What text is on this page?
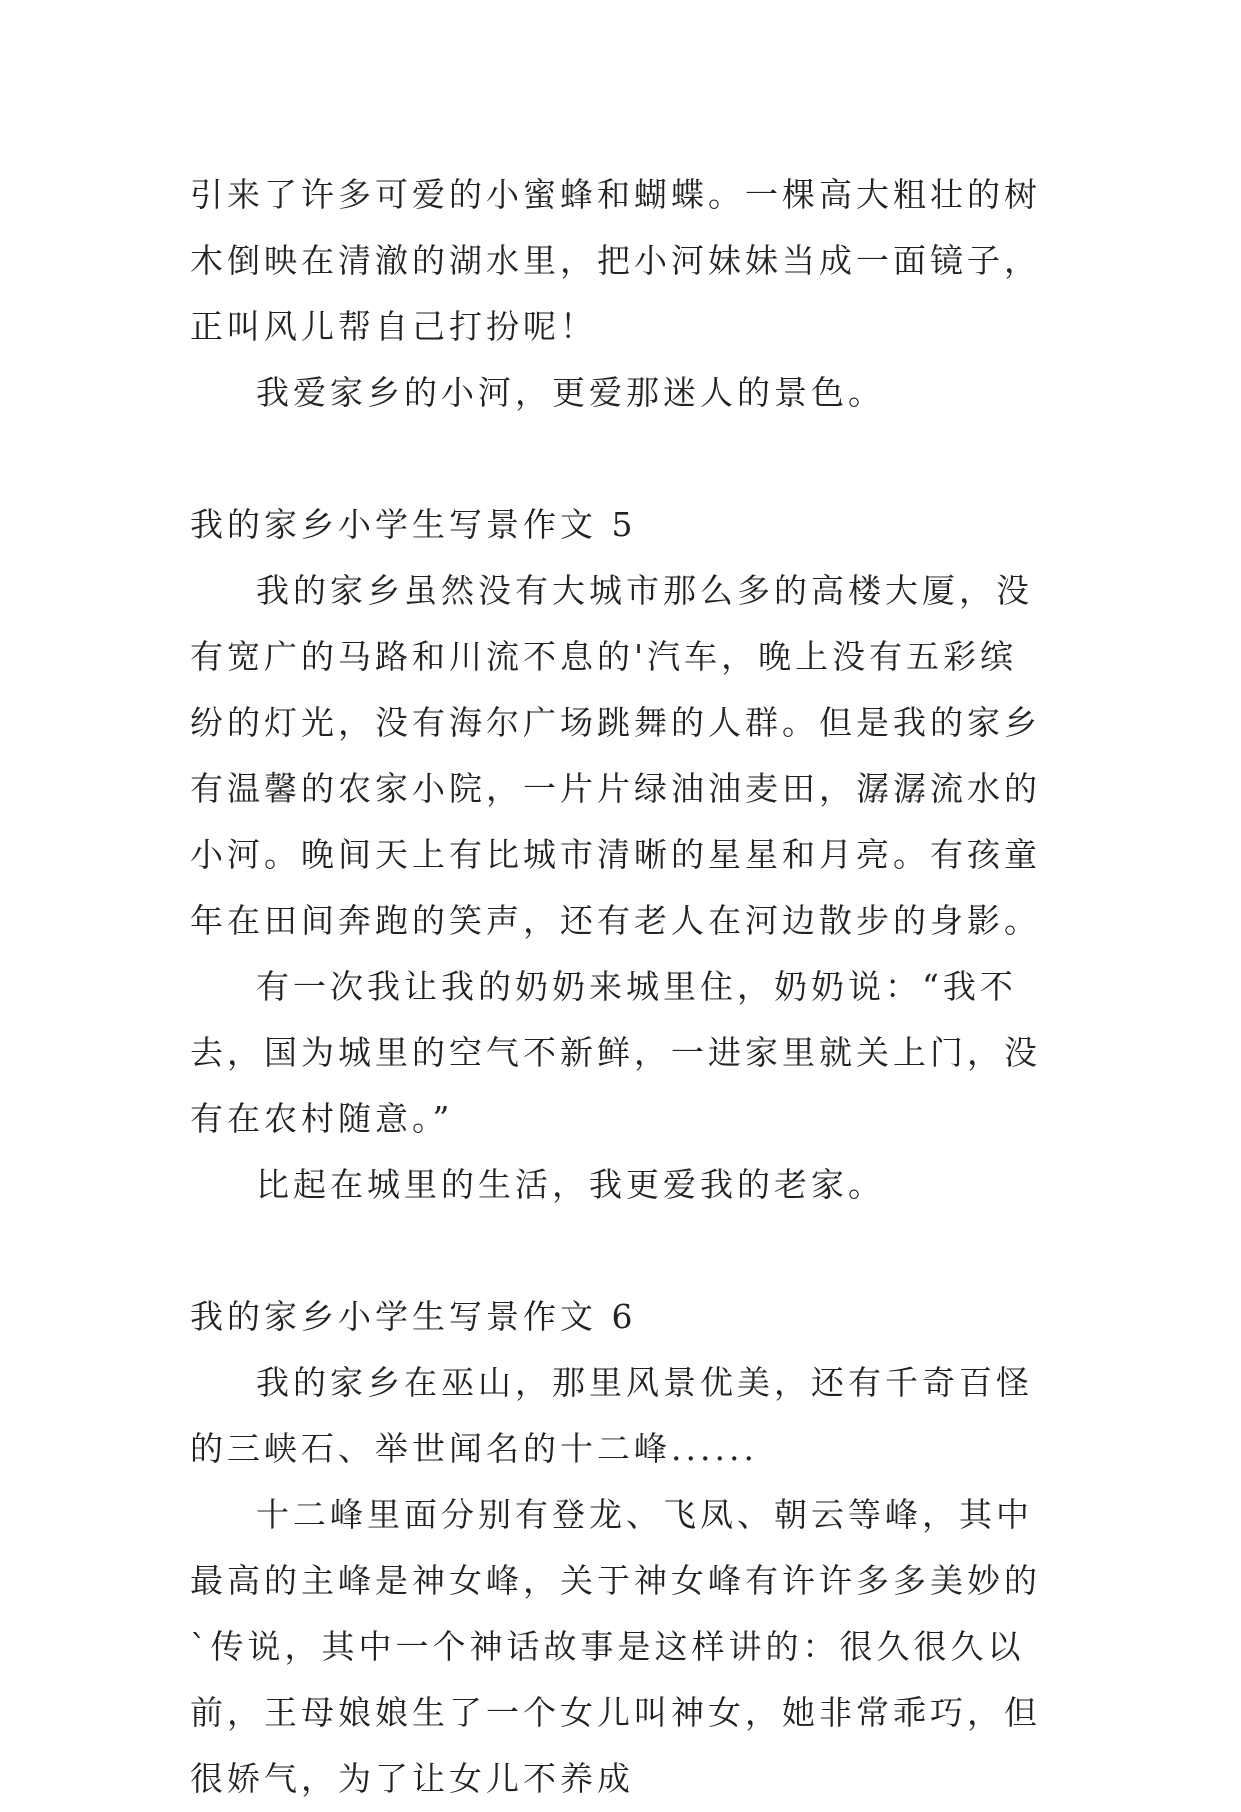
引来了许多可爱的小蜜蜂和蝴蝶。一棵高大粗壮的树木倒映在清澈的湖水里，把小河妹妹当成一面镜子，正叫风儿帮自己打扮呢！

我爱家乡的小河，更爱那迷人的景色。

我的家乡小学生写景作文 5

我的家乡虽然没有大城市那么多的高楼大厦，没有宽广的马路和川流不息的'汽车，晚上没有五彩缤纷的灯光，没有海尔广场跳舞的人群。但是我的家乡有温馨的农家小院，一片片绿油油麦田，潺潺流水的小河。晚间天上有比城市清晰的星星和月亮。有孩童年在田间奔跑的笑声，还有老人在河边散步的身影。

有一次我让我的奶奶来城里住，奶奶说：“我不去，国为城里的空气不新鲜，一进家里就关上门，没有在农村随意。”

比起在城里的生活，我更爱我的老家。

我的家乡小学生写景作文 6

我的家乡在巫山，那里风景优美，还有千奇百怪的三峡石、举世闻名的十二峰......

十二峰里面分别有登龙、飞凤、朝云等峰，其中最高的主峰是神女峰，关于神女峰有许许多多美妙的`传说，其中一个神话故事是这样讲的：很久很久以前，王母娘娘生了一个女儿叫神女，她非常乖巧，但很娇气，为了让女儿不养成
